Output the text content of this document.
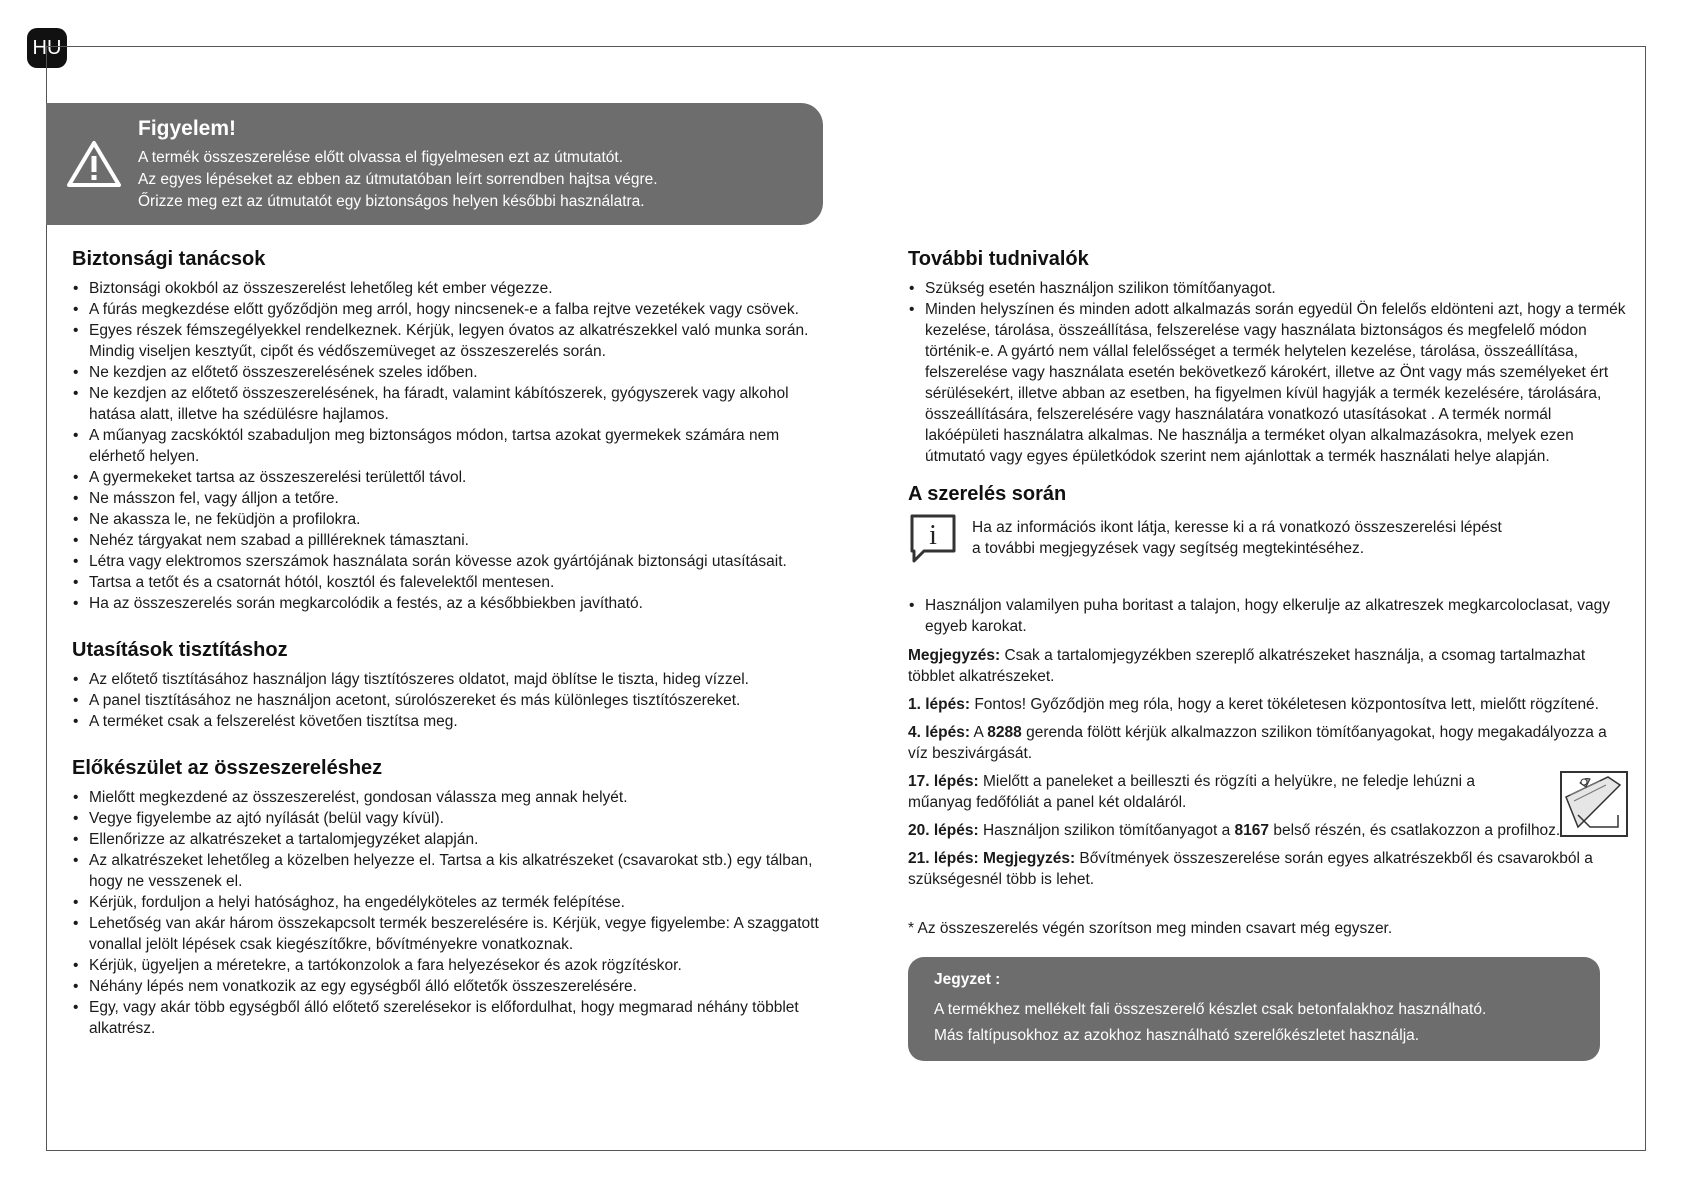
HU
Figyelem!
A termék összeszerelése előtt olvassa el figyelmesen ezt az útmutatót.
Az egyes lépéseket az ebben az útmutatóban leírt sorrendben hajtsa végre.
Őrizze meg ezt az útmutatót egy biztonságos helyen későbbi használatra.
Biztonsági tanácsok
• Biztonsági okokból az összeszerelést lehetőleg két ember végezze.
• A fúrás megkezdése előtt győződjön meg arról, hogy nincsenek-e a falba rejtve vezetékek vagy csövek.
• Egyes részek fémszegélyekkel rendelkeznek. Kérjük, legyen óvatos az alkatrészekkel való munka során. Mindig viseljen kesztyűt, cipőt és védőszemüveget az összeszerelés során.
• Ne kezdjen az előtető összeszerelésének szeles időben.
• Ne kezdjen az előtető összeszerelésének, ha fáradt, valamint kábítószerek, gyógyszerek vagy alkohol hatása alatt, illetve ha szédülésre hajlamos.
• A műanyag zacskóktól szabaduljon meg biztonságos módon, tartsa azokat gyermekek számára nem elérhető helyen.
• A gyermekeket tartsa az összeszerelési területtől távol.
• Ne másszon fel, vagy álljon a tetőre.
• Ne akassza le, ne feküdjön a profilokra.
• Nehéz tárgyakat nem szabad a pillléreknek támasztani.
• Létra vagy elektromos szerszámok használata során kövesse azok gyártójának biztonsági utasításait.
• Tartsa a tetőt és a csatornát hótól, kosztól és falevelektől mentesen.
• Ha az összeszerelés során megkarcolódik a festés, az a későbbiekben javítható.
Utasítások tisztításhoz
• Az előtető tisztításához használjon lágy tisztítószeres oldatot, majd öblítse le tiszta, hideg vízzel.
• A panel tisztításához ne használjon acetont, súrolószereket és más különleges tisztítószereket.
• A terméket csak a felszerelést követően tisztítsa meg.
Előkészület az összeszereléshez
• Mielőtt megkezdené az összeszerelést, gondosan válassza meg annak helyét.
• Vegye figyelembe az ajtó nyílását (belül vagy kívül).
• Ellenőrizze az alkatrészeket a tartalomjegyzéket alapján.
• Az alkatrészeket lehetőleg a közelben helyezze el. Tartsa a kis alkatrészeket (csavarokat stb.) egy tálban, hogy ne vesszenek el.
• Kérjük, forduljon a helyi hatósághoz, ha engedélyköteles az termék felépítése.
• Lehetőség van akár három összekapcsolt termék beszerelésére is. Kérjük, vegye figyelembe: A szaggatott vonallal jelölt lépések csak kiegészítőkre, bővítményekre vonatkoznak.
• Kérjük, ügyeljen a méretekre, a tartókonzolok a fara helyezésekor és azok rögzítéskor.
• Néhány lépés nem vonatkozik az egy egységből álló előtetők összeszerelésére.
• Egy, vagy akár több egységből álló előtető szerelésekor is előfordulhat, hogy megmarad néhány többlet alkatrész.
További tudnivalók
• Szükség esetén használjon szilikon tömítőanyagot.
• Minden helyszínen és minden adott alkalmazás során egyedül Ön felelős eldönteni azt, hogy a termék kezelése, tárolása, összeállítása, felszerelése vagy használata biztonságos és megfelelő módon történik-e. A gyártó nem vállal felelősséget a termék helytelen kezelése, tárolása, összeállítása, felszerelése vagy használata esetén bekövetkező károkért, illetve az Önt vagy más személyeket ért sérülésekért, illetve abban az esetben, ha figyelmen kívül hagyják a termék kezelésére, tárolására, összeállítására, felszerelésére vagy használatára vonatkozó utasításokat . A termék normál lakóépületi használatra alkalmas. Ne használja a terméket olyan alkalmazásokra, melyek ezen útmutató vagy egyes épületkódok szerint nem ajánlottak a termék használati helye alapján.
A szerelés során
i Ha az információs ikont látja, keresse ki a rá vonatkozó összeszerelési lépést
a további megjegyzések vagy segítség megtekintéséhez.
• Használjon valamilyen puha boritast a talajon, hogy elkerulje az alkatreszek megkarcoloclasat, vagy egyeb karokat.

Megjegyzés: Csak a tartalomjegyzékben szereplő alkatrészeket használja, a csomag tartalmazhat többlet alkatrészeket.

1. lépés: Fontos! Győződjön meg róla, hogy a keret tökéletesen központosítva lett, mielőtt rögzítené.

4. lépés: A 8288 gerenda fölött kérjük alkalmazzon szilikon tömítőanyagokat, hogy megakadályozza a víz beszivárgását.

17. lépés: Mielőtt a paneleket a beilleszti és rögzíti a helyükre, ne feledje lehúzni a műanyag fedőfóliát a panel két oldaláról.

20. lépés: Használjon szilikon tömítőanyagot a 8167 belső részén, és csatlakozzon a profilhoz.

21. lépés: Megjegyzés: Bővítmények összeszerelése során egyes alkatrészekből és csavarokból a szükségesnél több is lehet.

* Az összeszerelés végén szorítson meg minden csavart még egyszer.
Jegyzet :
A termékhez mellékelt fali összeszerelő készlet csak betonfalakhoz használható.
Más faltípusokhoz az azokhoz használható szerelőkészletet használja.
